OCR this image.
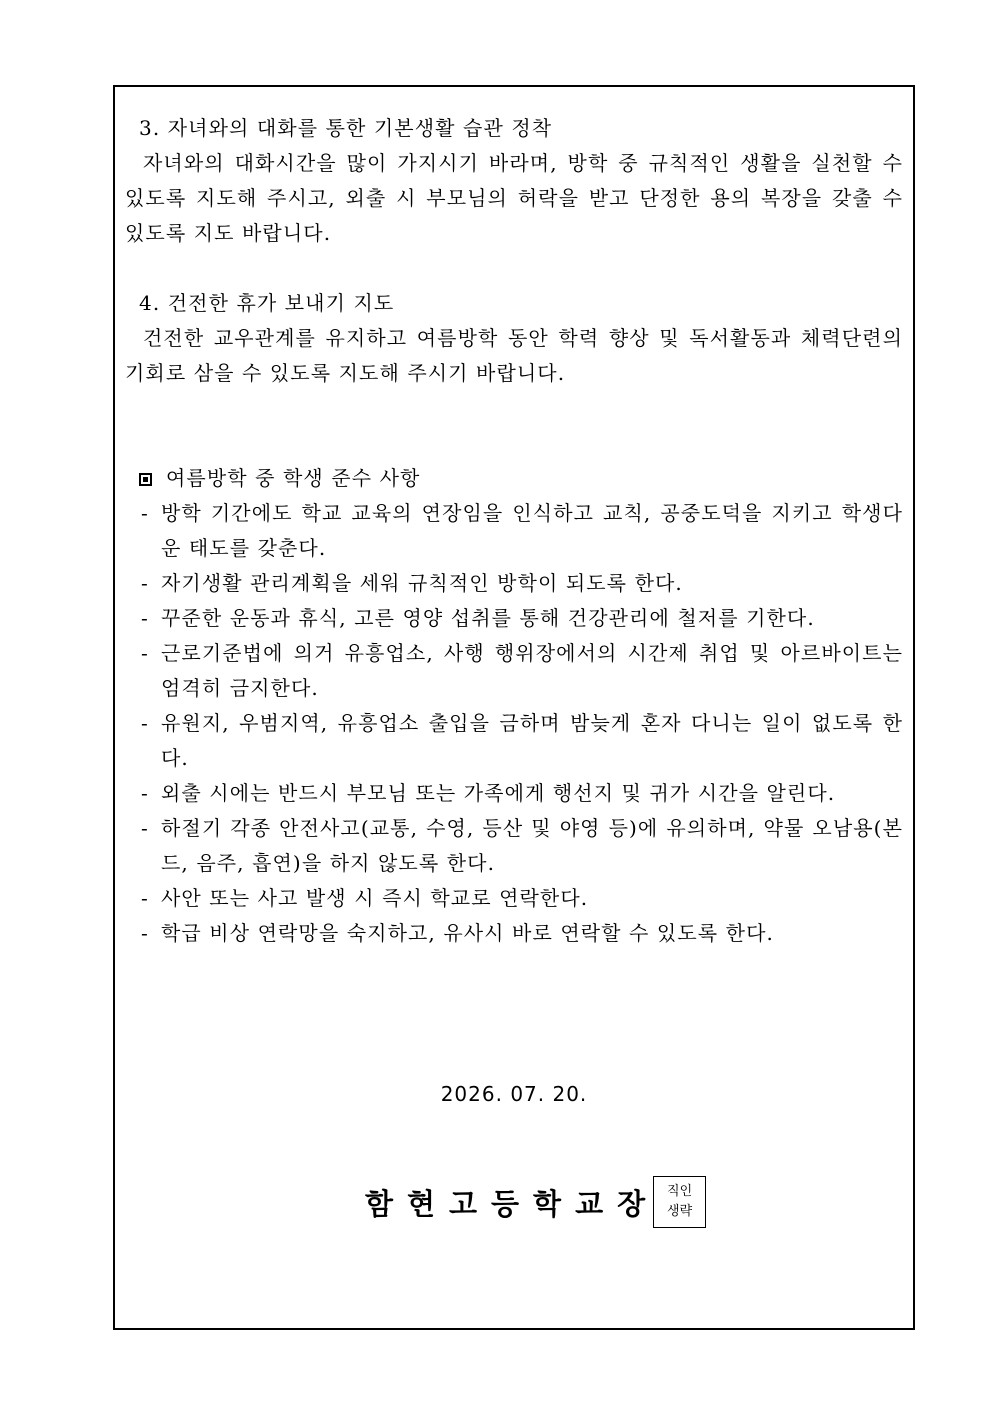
3. 자녀와의 대화를 통한 기본생활 습관 정착

자녀와의 대화시간을 많이 가지시기 바라며, 방학 중 규칙적인 생활을 실천할 수 있도록 지도해 주시고, 외출 시 부모님의 허락을 받고 단정한 용의 복장을 갖출 수 있도록 지도 바랍니다.

4. 건전한 휴가 보내기 지도

건전한 교우관계를 유지하고 여름방학 동안 학력 향상 및 독서활동과 체력단련의 기회로 삼을 수 있도록 지도해 주시기 바랍니다.

여름방학 중 학생 준수 사항
- 방학 기간에도 학교 교육의 연장임을 인식하고 교칙, 공중도덕을 지키고 학생다운 태도를 갖춘다.
- 자기생활 관리계획을 세워 규칙적인 방학이 되도록 한다.
- 꾸준한 운동과 휴식, 고른 영양 섭취를 통해 건강관리에 철저를 기한다.
- 근로기준법에 의거 유흥업소, 사행 행위장에서의 시간제 취업 및 아르바이트는 엄격히 금지한다.
- 유원지, 우범지역, 유흥업소 출입을 금하며 밤늦게 혼자 다니는 일이 없도록 한다.
- 외출 시에는 반드시 부모님 또는 가족에게 행선지 및 귀가 시간을 알린다.
- 하절기 각종 안전사고(교통, 수영, 등산 및 야영 등)에 유의하며, 약물 오남용(본드, 음주, 흡연)을 하지 않도록 한다.
- 사안 또는 사고 발생 시 즉시 학교로 연락한다.
- 학급 비상 연락망을 숙지하고, 유사시 바로 연락할 수 있도록 한다.
2026. 07. 20.
함현고등학교장 직인
생략
